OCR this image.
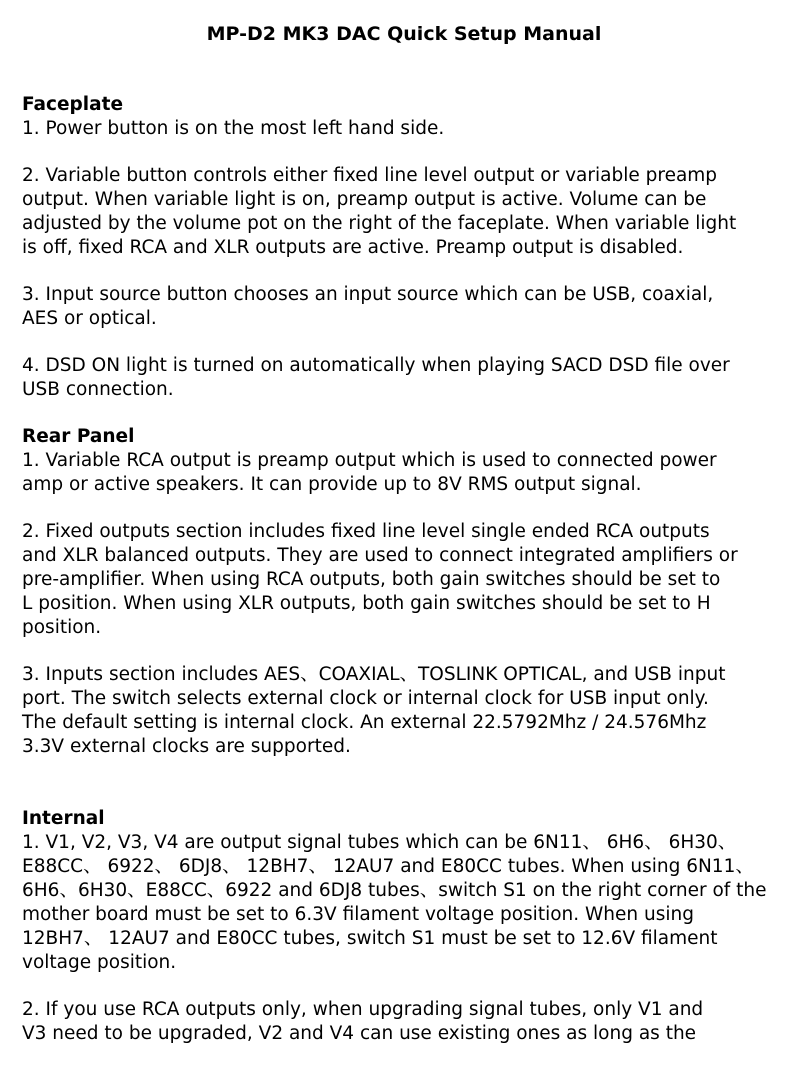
MP-D2 MK3 DAC Quick Setup Manual
Faceplate

1. Power button is on the most left hand side.

2. Variable button controls either fixed line level output or variable preamp
output. When variable light is on, preamp output is active. Volume can be
adjusted by the volume pot on the right of the faceplate. When variable light
is off, fixed RCA and XLR outputs are active. Preamp output is disabled.

3. Input source button chooses an input source which can be USB, coaxial,
AES or optical.

4. DSD ON light is turned on automatically when playing SACD DSD file over
USB connection.

Rear Panel

1. Variable RCA output is preamp output which is used to connected power
amp or active speakers. It can provide up to 8V RMS output signal.

2. Fixed outputs section includes fixed line level single ended RCA outputs
and XLR balanced outputs. They are used to connect integrated amplifiers or
pre-amplifier. When using RCA outputs, both gain switches should be set to
L position. When using XLR outputs, both gain switches should be set to H
position.

3. Inputs section includes AES、COAXIAL、TOSLINK OPTICAL, and USB input
port. The switch selects external clock or internal clock for USB input only.
The default setting is internal clock. An external 22.5792Mhz / 24.576Mhz
3.3V external clocks are supported.

Internal

1. V1, V2, V3, V4 are output signal tubes which can be 6N11、 6H6、 6H30、
E88CC、 6922、 6DJ8、 12BH7、 12AU7 and E80CC tubes. When using 6N11、
6H6、6H30、E88CC、6922 and 6DJ8 tubes、switch S1 on the right corner of the
mother board must be set to 6.3V filament voltage position. When using
12BH7、 12AU7 and E80CC tubes, switch S1 must be set to 12.6V filament
voltage position.

2. If you use RCA outputs only, when upgrading signal tubes, only V1 and
V3 need to be upgraded, V2 and V4 can use existing ones as long as the
